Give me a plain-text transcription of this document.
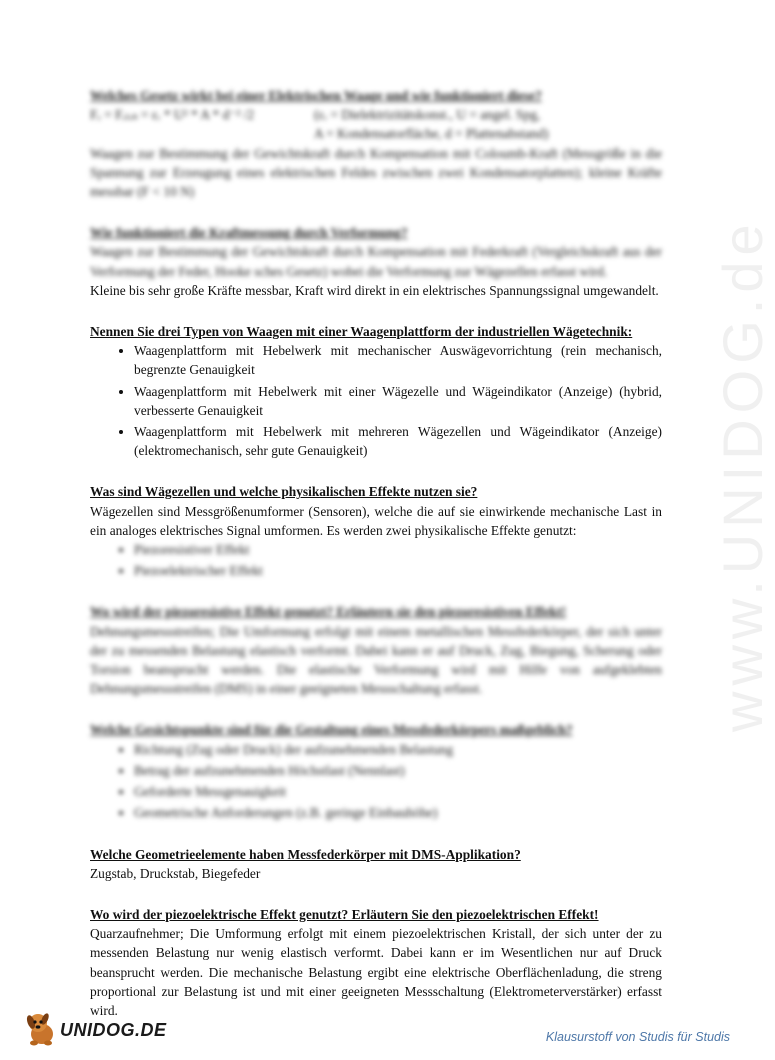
www.UNIDOG.de

Welches Gesetz wirkt bei einer Elektrischen Waage und wie funktioniert diese?

Fₑ = Fₑₗₑₖ = εᵣ * U² * A * d⁻² /2	(εᵣ = Dielektrizitätskonst., U = angel. Spg,
A = Kondensatorfläche, d = Plattenabstand)

Waagen zur Bestimmung der Gewichtskraft durch Kompensation mit Coloumb-Kraft (Messgröße in die Spannung zur Erzeugung eines elektrischen Feldes zwischen zwei Kondensatorplatten); kleine Kräfte messbar (F < 10 N)

Wie funktioniert die Kraftmessung durch Verformung?

Waagen zur Bestimmung der Gewichtskraft durch Kompensation mit Federkraft (Vergleichskraft aus der Verformung der Feder, Hooke sches Gesetz) wobei die Verformung zur Wägezellen erfasst wird.

Kleine bis sehr große Kräfte messbar, Kraft wird direkt in ein elektrisches Spannungssignal umgewandelt.

Nennen Sie drei Typen von Waagen mit einer Waagenplattform der industriellen Wägetechnik:

• Waagenplattform mit Hebelwerk mit mechanischer Auswägevorrichtung (rein mechanisch, begrenzte Genauigkeit
• Waagenplattform mit Hebelwerk mit einer Wägezelle und Wägeindikator (Anzeige) (hybrid, verbesserte Genauigkeit
• Waagenplattform mit Hebelwerk mit mehreren Wägezellen und Wägeindikator (Anzeige) (elektromechanisch, sehr gute Genauigkeit)

Was sind Wägezellen und welche physikalischen Effekte nutzen sie?

Wägezellen sind Messgrößenumformer (Sensoren), welche die auf sie einwirkende mechanische Last in ein analoges elektrisches Signal umformen. Es werden zwei physikalische Effekte genutzt:

• Piezoresistiver Effekt
• Piezoelektrischer Effekt

Wo wird der piezoresistive Effekt genutzt? Erläutern sie den piezoresistiven Effekt!

Dehnungsmessstreifen; Die Umformung erfolgt mit einem metallischen Messfederkörper, der sich unter der zu messenden Belastung elastisch verformt. Dabei kann er auf Druck, Zug, Biegung, Scherung oder Torsion beansprucht werden. Die elastische Verformung wird mit Hilfe von aufgeklebten Dehnungsmessstreifen (DMS) in einer geeigneten Messschaltung erfasst.

Welche Gesichtspunkte sind für die Gestaltung eines Messfederkörpers maßgeblich?

• Richtung (Zug oder Druck) der aufzunehmenden Belastung
• Betrag der aufzunehmenden Höchstlast (Nennlast)
• Geforderte Messgenauigkeit
• Geometrische Anforderungen (z.B. geringe Einbauhöhe)

Welche Geometrieelemente haben Messfederkörper mit DMS-Applikation?

Zugstab, Druckstab, Biegefeder

Wo wird der piezoelektrische Effekt genutzt? Erläutern Sie den piezoelektrischen Effekt!

Quarzaufnehmer; Die Umformung erfolgt mit einem piezoelektrischen Kristall, der sich unter der zu messenden Belastung nur wenig elastisch verformt. Dabei kann er im Wesentlichen nur auf Druck beansprucht werden. Die mechanische Belastung ergibt eine elektrische Oberflächenladung, die streng proportional zur Belastung ist und mit einer geeigneten Messschaltung (Elektrometerverstärker) erfasst wird.

UNIDOG.DE	Klausurstoff von Studis für Studis
